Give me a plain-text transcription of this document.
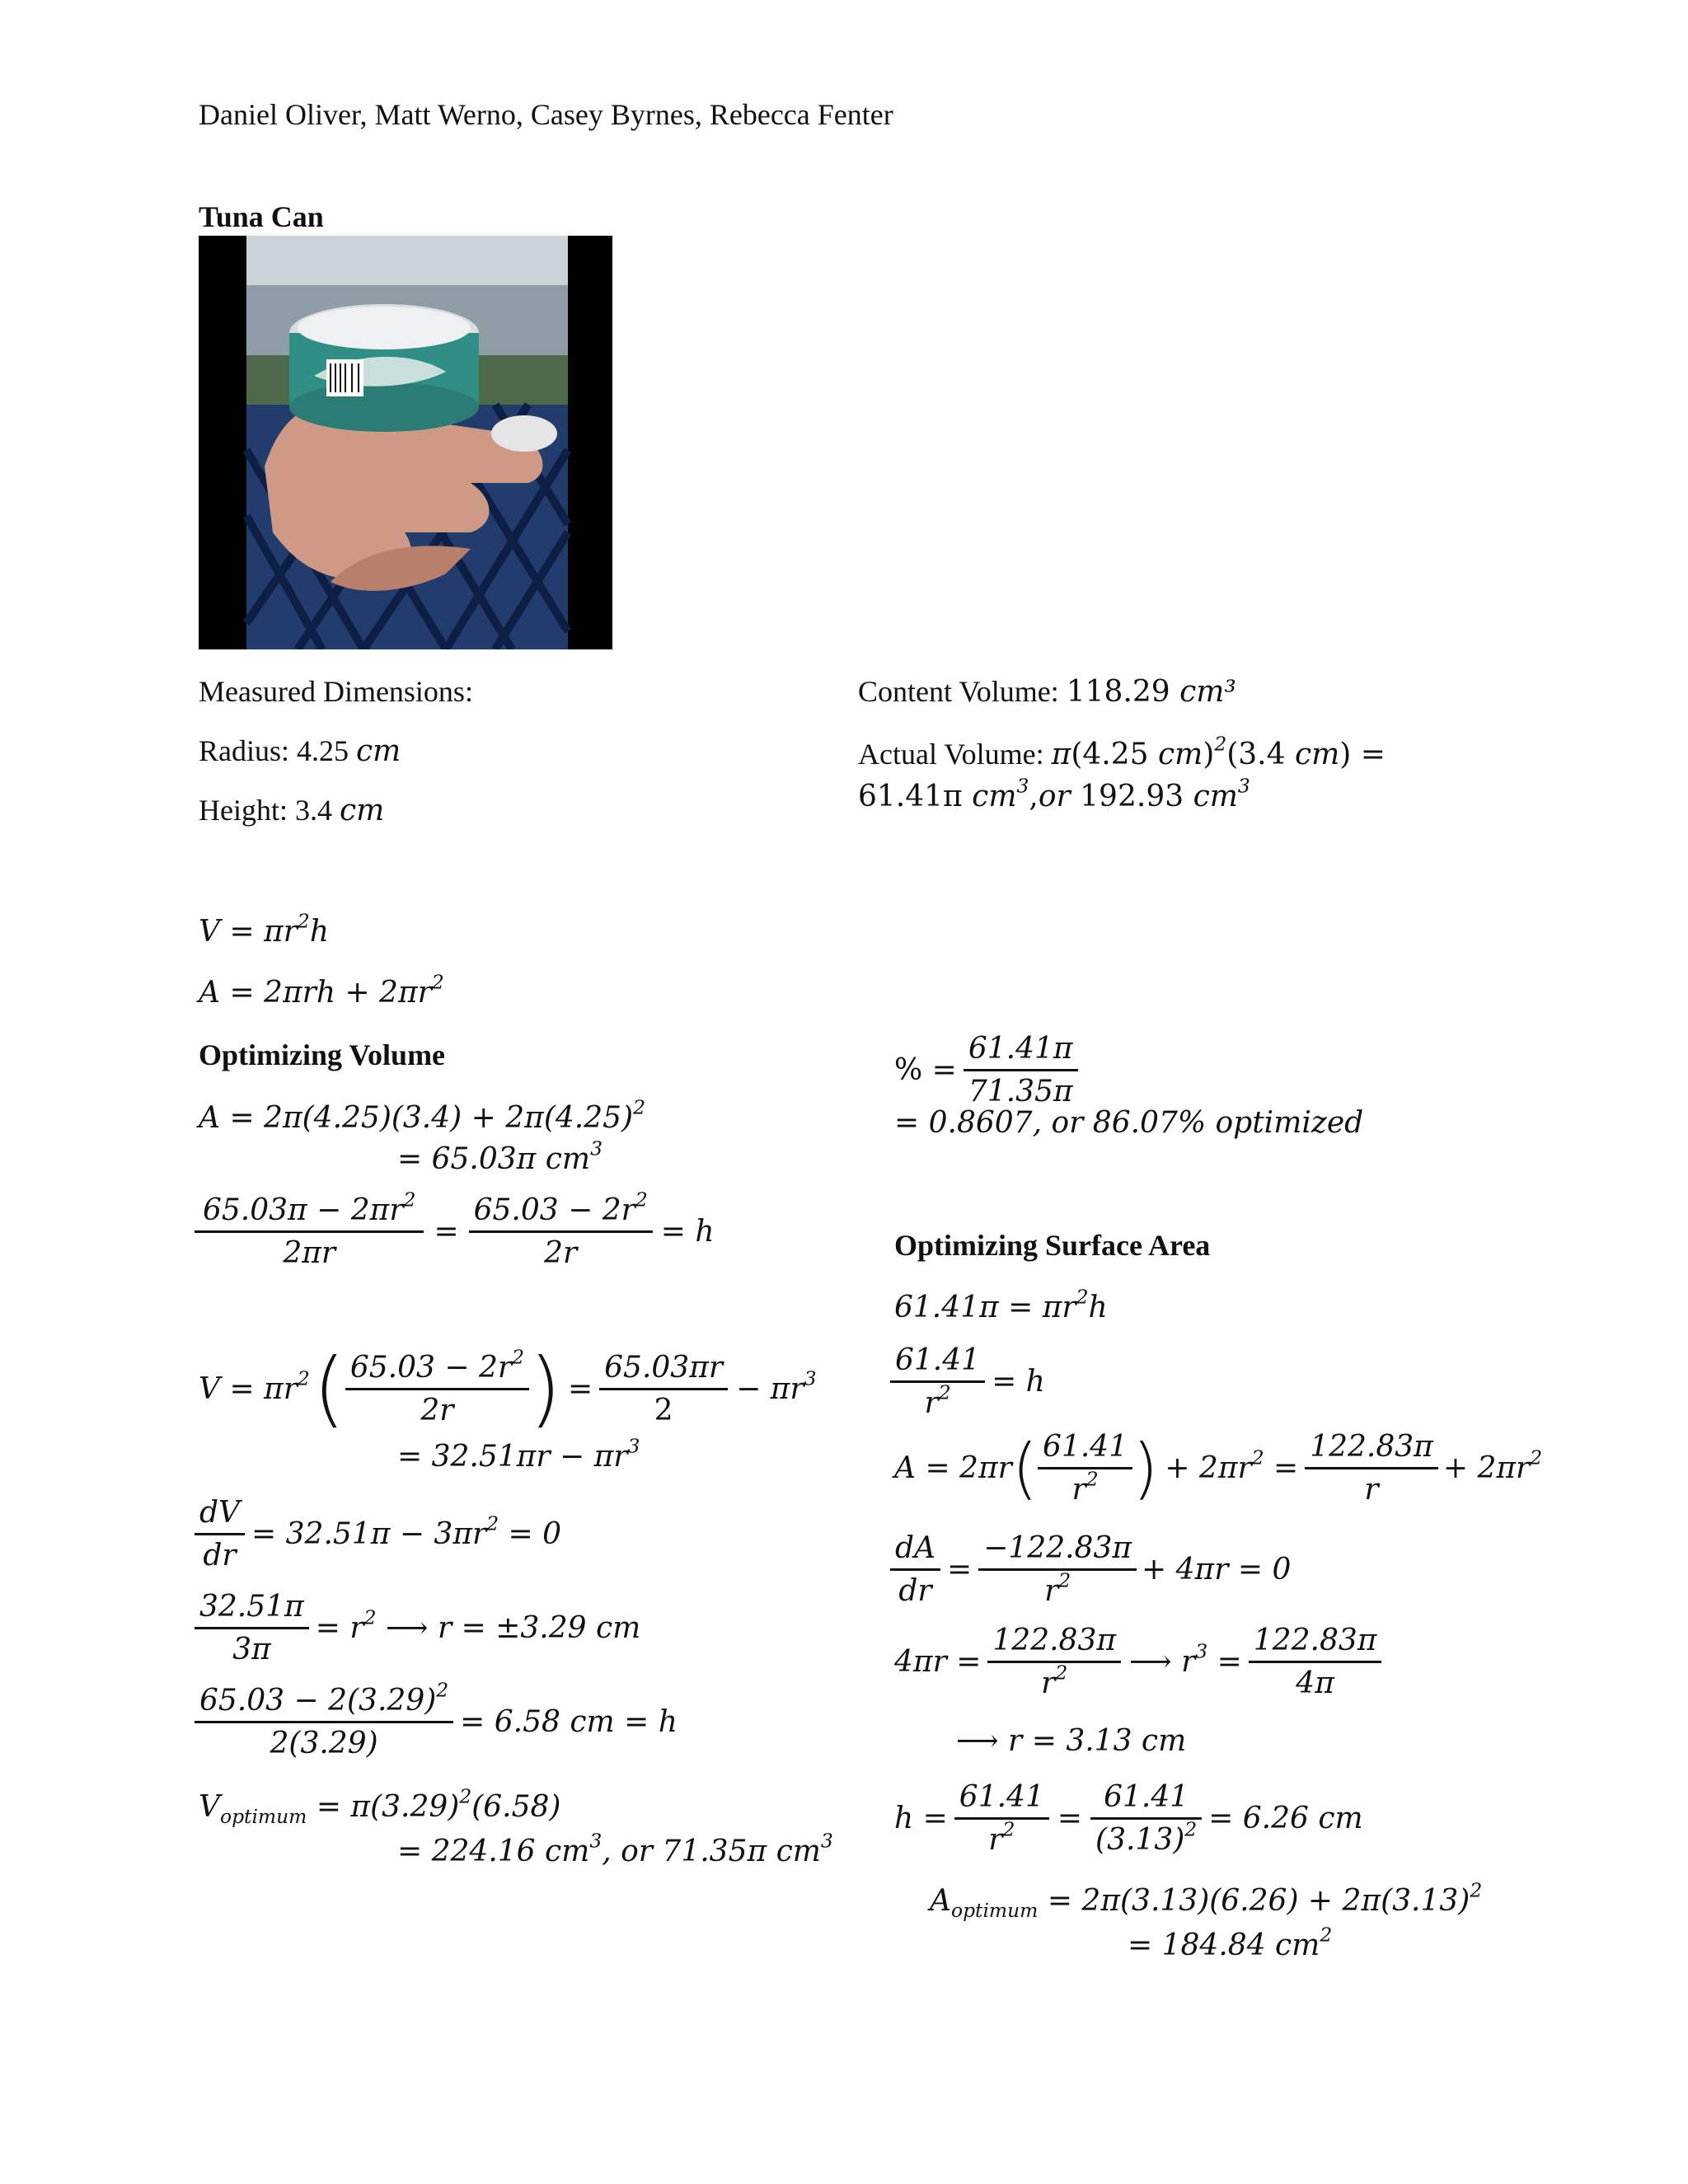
Daniel Oliver, Matt Werno, Casey Byrnes, Rebecca Fenter
Tuna Can
Measured Dimensions:
Radius: 4.25 cm
Height: 3.4 cm
Content Volume: 118.29 cm³
Actual Volume: π(4.25 cm)$^2$(3.4 cm) =
61.41π $cm^3,or$ 192.93 $cm^3$
$V = \pi r^2h$
$A = 2\pi rh + 2\pi r^2$
Optimizing Volume
$A = 2\pi(4.25)(3.4) + 2\pi(4.25)^2$
= 65.03π $cm^3$
$\frac{65.03\pi - 2\pi r^2}{2\pi r} = \frac{65.03 - 2r^2}{2r} = h$
$V = \pi r^2$ ( $\frac{65.03 - 2r^2}{2r}$ ) = $\frac{65.03\pi r}{2} - \pi r^3$
= $32.51\pi r - \pi r^3$
$\frac{dV}{dr} = 32.51\pi - 3\pi r^2 = 0$
$\frac{32.51\pi}{3\pi} = r^2$ ⟶ r = ±3.29 cm
$\frac{65.03 - 2(3.29)^2}{2(3.29)} = 6.58$ cm = h
$V_{optimum} = \pi(3.29)^2(6.58)$
= 224.16 $cm^3$, or 71.35π $cm^3$
% = $\frac{61.41\pi}{71.35\pi}$
= 0.8607, or 86.07% optimized
Optimizing Surface Area
$61.41\pi = \pi r^2h$
$\frac{61.41}{r^2} = h$
A = 2πr ( $\frac{61.41}{r^2}$ ) + $2\pi r^2 = \frac{122.83\pi}{r} + 2\pi r^2$
$\frac{dA}{dr} = \frac{-122.83\pi}{r^2} + 4\pi r = 0$
$4\pi r = \frac{122.83\pi}{r^2}$ ⟶ $r^3 = \frac{122.83\pi}{4\pi}$
⟶ r = 3.13 cm
$h = \frac{61.41}{r^2} = \frac{61.41}{(3.13)^2} = 6.26$ cm
$A_{optimum} = 2\pi(3.13)(6.26) + 2\pi(3.13)^2$
= 184.84 $cm^2$
